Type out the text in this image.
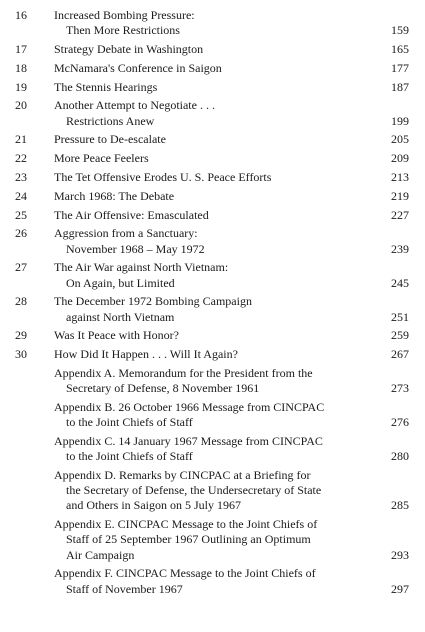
16	Increased Bombing Pressure:
Then More Restrictions	159
17	Strategy Debate in Washington	165
18	McNamara's Conference in Saigon	177
19	The Stennis Hearings	187
20	Another Attempt to Negotiate . . .
Restrictions Anew	199
21	Pressure to De-escalate	205
22	More Peace Feelers	209
23	The Tet Offensive Erodes U. S. Peace Efforts	213
24	March 1968: The Debate	219
25	The Air Offensive: Emasculated	227
26	Aggression from a Sanctuary:
November 1968 – May 1972	239
27	The Air War against North Vietnam:
On Again, but Limited	245
28	The December 1972 Bombing Campaign
against North Vietnam	251
29	Was It Peace with Honor?	259
30	How Did It Happen . . . Will It Again?	267
Appendix A. Memorandum for the President from the
Secretary of Defense, 8 November 1961	273
Appendix B. 26 October 1966 Message from CINCPAC
to the Joint Chiefs of Staff	276
Appendix C. 14 January 1967 Message from CINCPAC
to the Joint Chiefs of Staff	280
Appendix D. Remarks by CINCPAC at a Briefing for
the Secretary of Defense, the Undersecretary of State
and Others in Saigon on 5 July 1967	285
Appendix E. CINCPAC Message to the Joint Chiefs of
Staff of 25 September 1967 Outlining an Optimum
Air Campaign	293
Appendix F. CINCPAC Message to the Joint Chiefs of
Staff of November 1967	297
